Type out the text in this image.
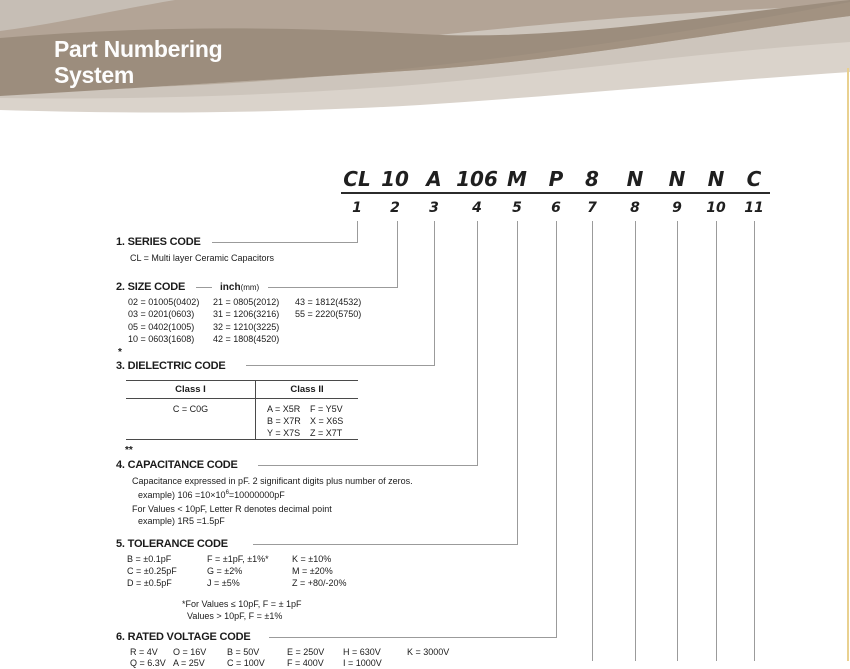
Part Numbering
System
CL 10 A 106 M	P	8	N	N	N	C
1	2	3	4	5	6	7	8	9	10	11
1. SERIES CODE
CL = Multi layer Ceramic Capacitors
2. SIZE CODE	inch(mm)
02 = 01005(0402)
03 = 0201(0603)
05 = 0402(1005)
10 = 0603(1608)
21 = 0805(2012)
31 = 1206(3216)
32 = 1210(3225)
42 = 1808(4520)
43 = 1812(4532)
55 = 2220(5750)
*
3. DIELECTRIC CODE
Class I	Class II
C = C0G	A = X5R F = Y5V
B = X7R X = X6S
Y = X7S Z = X7T
**
4. CAPACITANCE CODE
Capacitance expressed in pF. 2 significant digits plus number of zeros.
example) $106 =10\times 10^6=10000000pF$
For Values < 10pF, Letter R denotes decimal point
example) 1R5 =1.5pF
5. TOLERANCE CODE
B = ±0.1pF
C = ±0.25pF
D = ±0.5pF
F = ±1pF, ±1%*
G = ±2%
J = ±5%
K = ±10%
M = ±20%
Z = +80/-20%
*For Values ≤ 10pF, F = ± 1pF
Values > 10pF, F = ±1%
6. RATED VOLTAGE CODE
R = 4V O = 16V B = 50V	E = 250V H = 630V	K = 3000V
Q = 6.3V A = 25V C = 100V F = 400V I = 1000V
